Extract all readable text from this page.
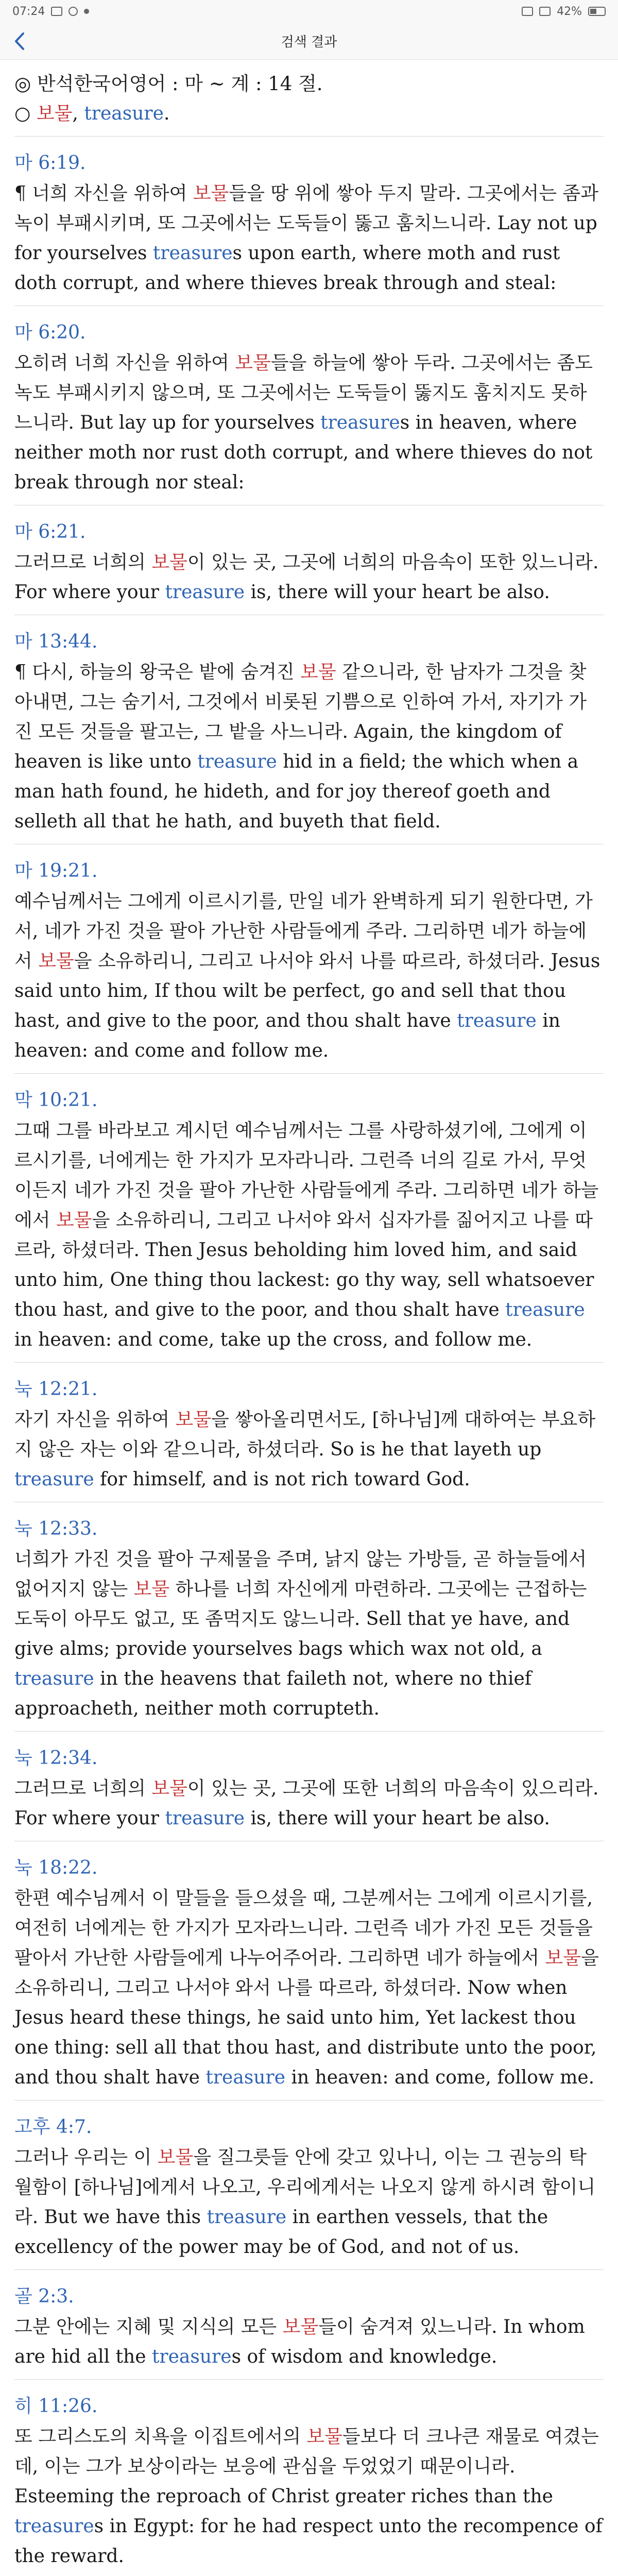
07:24	42%
검색 결과
◎ 반석한국어영어 : 마 ~ 계 : 14 절.
○ 보물, treasure.
마 6:19.
¶ 너희 자신을 위하여 보물들을 땅 위에 쌓아 두지 말라. 그곳에서는 좀과 녹이 부패시키며, 또 그곳에서는 도둑들이 뚫고 훔치느니라. Lay not up for yourselves treasures upon earth, where moth and rust doth corrupt, and where thieves break through and steal:
마 6:20.
오히려 너희 자신을 위하여 보물들을 하늘에 쌓아 두라. 그곳에서는 좀도 녹도 부패시키지 않으며, 또 그곳에서는 도둑들이 뚫지도 훔치지도 못하느니라. But lay up for yourselves treasures in heaven, where neither moth nor rust doth corrupt, and where thieves do not break through nor steal:
마 6:21.
그러므로 너희의 보물이 있는 곳, 그곳에 너희의 마음속이 또한 있느니라. For where your treasure is, there will your heart be also.
마 13:44.
¶ 다시, 하늘의 왕국은 밭에 숨겨진 보물 같으니라, 한 남자가 그것을 찾아내면, 그는 숨기서, 그것에서 비롯된 기쁨으로 인하여 가서, 자기가 가진 모든 것들을 팔고는, 그 밭을 사느니라. Again, the kingdom of heaven is like unto treasure hid in a field; the which when a man hath found, he hideth, and for joy thereof goeth and selleth all that he hath, and buyeth that field.
마 19:21.
예수님께서는 그에게 이르시기를, 만일 네가 완벽하게 되기 원한다면, 가서, 네가 가진 것을 팔아 가난한 사람들에게 주라. 그리하면 네가 하늘에서 보물을 소유하리니, 그리고 나서야 와서 나를 따르라, 하셨더라. Jesus said unto him, If thou wilt be perfect, go and sell that thou hast, and give to the poor, and thou shalt have treasure in heaven: and come and follow me.
막 10:21.
그때 그를 바라보고 계시던 예수님께서는 그를 사랑하셨기에, 그에게 이르시기를, 너에게는 한 가지가 모자라니라. 그런즉 너의 길로 가서, 무엇이든지 네가 가진 것을 팔아 가난한 사람들에게 주라. 그리하면 네가 하늘에서 보물을 소유하리니, 그리고 나서야 와서 십자가를 짊어지고 나를 따르라, 하셨더라. Then Jesus beholding him loved him, and said unto him, One thing thou lackest: go thy way, sell whatsoever thou hast, and give to the poor, and thou shalt have treasure in heaven: and come, take up the cross, and follow me.
눅 12:21.
자기 자신을 위하여 보물을 쌓아올리면서도, [하나님]께 대하여는 부요하지 않은 자는 이와 같으니라, 하셨더라. So is he that layeth up treasure for himself, and is not rich toward God.
눅 12:33.
너희가 가진 것을 팔아 구제물을 주며, 낡지 않는 가방들, 곧 하늘들에서 없어지지 않는 보물 하나를 너희 자신에게 마련하라. 그곳에는 근접하는 도둑이 아무도 없고, 또 좀먹지도 않느니라. Sell that ye have, and give alms; provide yourselves bags which wax not old, a treasure in the heavens that faileth not, where no thief approacheth, neither moth corrupteth.
눅 12:34.
그러므로 너희의 보물이 있는 곳, 그곳에 또한 너희의 마음속이 있으리라. For where your treasure is, there will your heart be also.
눅 18:22.
한편 예수님께서 이 말들을 들으셨을 때, 그분께서는 그에게 이르시기를, 여전히 너에게는 한 가지가 모자라느니라. 그런즉 네가 가진 모든 것들을 팔아서 가난한 사람들에게 나누어주어라. 그리하면 네가 하늘에서 보물을 소유하리니, 그리고 나서야 와서 나를 따르라, 하셨더라. Now when Jesus heard these things, he said unto him, Yet lackest thou one thing: sell all that thou hast, and distribute unto the poor, and thou shalt have treasure in heaven: and come, follow me.
고후 4:7.
그러나 우리는 이 보물을 질그릇들 안에 갖고 있나니, 이는 그 권능의 탁월함이 [하나님]에게서 나오고, 우리에게서는 나오지 않게 하시려 함이니라. But we have this treasure in earthen vessels, that the excellency of the power may be of God, and not of us.
골 2:3.
그분 안에는 지혜 및 지식의 모든 보물들이 숨겨져 있느니라. In whom are hid all the treasures of wisdom and knowledge.
히 11:26.
또 그리스도의 치욕을 이집트에서의 보물들보다 더 크나큰 재물로 여겼는데, 이는 그가 보상이라는 보응에 관심을 두었었기 때문이니라. Esteeming the reproach of Christ greater riches than the treasures in Egypt: for he had respect unto the recompence of the reward.
